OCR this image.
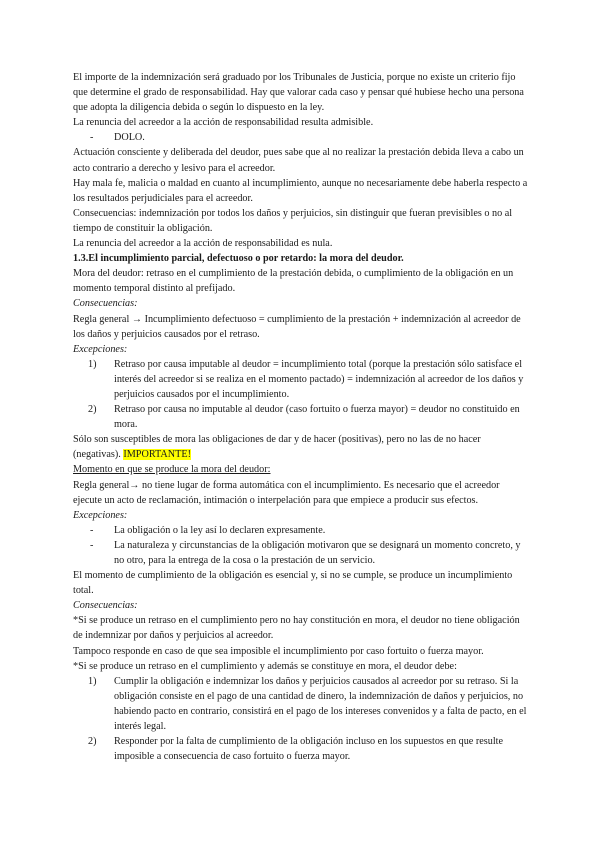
El importe de la indemnización será graduado por los Tribunales de Justicia, porque no existe un criterio fijo que determine el grado de responsabilidad. Hay que valorar cada caso y pensar qué hubiese hecho una persona que adopta la diligencia debida o según lo dispuesto en la ley.

La renuncia del acreedor a la acción de responsabilidad resulta admisible.

-	DOLO.

Actuación consciente y deliberada del deudor, pues sabe que al no realizar la prestación debida lleva a cabo un acto contrario a derecho y lesivo para el acreedor.

Hay mala fe, malicia o maldad en cuanto al incumplimiento, aunque no necesariamente debe haberla respecto a los resultados perjudiciales para el acreedor.

Consecuencias: indemnización por todos los daños y perjuicios, sin distinguir que fueran previsibles o no al tiempo de constituir la obligación.

La renuncia del acreedor a la acción de responsabilidad es nula.

1.3.El incumplimiento parcial, defectuoso o por retardo: la mora del deudor.

Mora del deudor: retraso en el cumplimiento de la prestación debida, o cumplimiento de la obligación en un momento temporal distinto al prefijado.

Consecuencias:

Regla general → Incumplimiento defectuoso = cumplimiento de la prestación + indemnización al acreedor de los daños y perjuicios causados por el retraso.

Excepciones:

1)	Retraso por causa imputable al deudor = incumplimiento total (porque la prestación sólo satisface el interés del acreedor si se realiza en el momento pactado) = indemnización al acreedor de los daños y perjuicios causados por el incumplimiento.
2)	Retraso por causa no imputable al deudor (caso fortuito o fuerza mayor) = deudor no constituido en mora.

Sólo son susceptibles de mora las obligaciones de dar y de hacer (positivas), pero no las de no hacer (negativas). IMPORTANTE!

Momento en que se produce la mora del deudor:

Regla general→ no tiene lugar de forma automática con el incumplimiento. Es necesario que el acreedor ejecute un acto de reclamación, intimación o interpelación para que empiece a producir sus efectos.

Excepciones:

-	La obligación o la ley así lo declaren expresamente.
-	La naturaleza y circunstancias de la obligación motivaron que se designará un momento concreto, y no otro, para la entrega de la cosa o la prestación de un servicio.

El momento de cumplimiento de la obligación es esencial y, si no se cumple, se produce un incumplimiento total.

Consecuencias:

*Si se produce un retraso en el cumplimiento pero no hay constitución en mora, el deudor no tiene obligación de indemnizar por daños y perjuicios al acreedor.

Tampoco responde en caso de que sea imposible el incumplimiento por caso fortuito o fuerza mayor.

*Si se produce un retraso en el cumplimiento y además se constituye en mora, el deudor debe:

1)	Cumplir la obligación e indemnizar los daños y perjuicios causados al acreedor por su retraso. Si la obligación consiste en el pago de una cantidad de dinero, la indemnización de daños y perjuicios, no habiendo pacto en contrario, consistirá en el pago de los intereses convenidos y a falta de pacto, en el interés legal.
2)	Responder por la falta de cumplimiento de la obligación incluso en los supuestos en que resulte imposible a consecuencia de caso fortuito o fuerza mayor.
